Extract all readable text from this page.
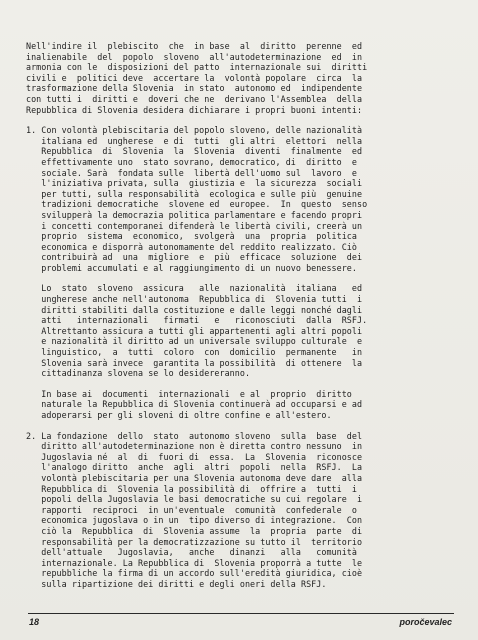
Nell'indire il  plebiscito  che  in base  al  diritto  perenne  ed
inalienabile  del  popolo  sloveno  all'autodeterminazione  ed  in
armonia con le  disposizioni del patto  internazionale sui  diritti
civili e  politici deve  accertare la  volontà popolare  circa  la
trasformazione della Slovenia  in stato  autonomo ed  indipendente
con tutti i  diritti e  doveri che ne  derivano l'Assemblea  della
Repubblica di Slovenia desidera dichiarare i propri buoni intenti:
1. Con volontà plebiscitaria del popolo sloveno, delle nazionalità
italiana ed  ungherese  e di  tutti  gli altri  elettori  nella
Repubblica  di  Slovenia  la  Slovenia  diventi  finalmente  ed
effettivamente uno  stato sovrano, democratico, di  diritto  e
sociale. Sarà  fondata sulle  libertà dell'uomo sul  lavoro  e
l'iniziativa privata, sulla  giustizia e  la sicurezza  sociali
per tutti, sulla responsabilità  ecologica e sulle più  genuine
tradizioni democratiche  slovene ed  europee.  In  questo  senso
svilupperà la democrazia politica parlamentare e facendo propri
i concetti contemporanei difenderà le libertà civili, creerà un
proprio  sistema  economico,  svolgerà  una  propria  politica
economica e disporrà autonomamente del reddito realizzato. Ciò
contribuirà ad  una  migliore  e  più  efficace  soluzione  dei
problemi accumulati e al raggiungimento di un nuovo benessere.
Lo  stato  sloveno  assicura   alle  nazionalità  italiana   ed
ungherese anche nell'autonoma  Repubblica di  Slovenia tutti  i
diritti stabiliti dalla costituzione e dalle leggi nonché dagli
atti   internazionali   firmati   e   riconosciuti  dalla  RSFJ.
Altrettanto assicura a tutti gli appartenenti agli altri popoli
e nazionalità il diritto ad un universale sviluppo culturale  e
linguistico,  a  tutti  coloro  con  domicilio  permanente   in
Slovenia sarà invece  garantita la possibilità  di ottenere  la
cittadinanza slovena se lo desidereranno.
In base ai  documenti  internazionali  e al  proprio  diritto
naturale la Repubblica di Slovenia continuerà ad occuparsi e ad
adoperarsi per gli sloveni di oltre confine e all'estero.
2. La fondazione  dello  stato  autonomo sloveno  sulla  base  del
diritto all'autodeterminazione non è diretta contro nessuno  in
Jugoslavia né  al  di  fuori di  essa.  La  Slovenia  riconosce
l'analogo diritto  anche  agli  altri  popoli  nella  RSFJ.  La
volontà plebiscitaria per una Slovenia autonoma deve dare  alla
Repubblica di  Slovenia la possibilità di  offrire a  tutti  i
popoli della Jugoslavia le basi democratiche su cui regolare  i
rapporti  reciproci  in un'eventuale  comunità  confederale  o
economica jugoslava o in un  tipo diverso di integrazione.  Con
ciò la  Repubblica  di  Slovenia assume  la  propria  parte  di
responsabilità per la democratizzazione su tutto il  territorio
dell'attuale   Jugoslavia,   anche   dinanzi   alla   comunità
internazionale. La Repubblica di  Slovenia proporrà a tutte  le
repubbliche la firma di un accordo sull'eredità giuridica, cioè
sulla ripartizione dei diritti e degli oneri della RSFJ.
18	poročevalec
